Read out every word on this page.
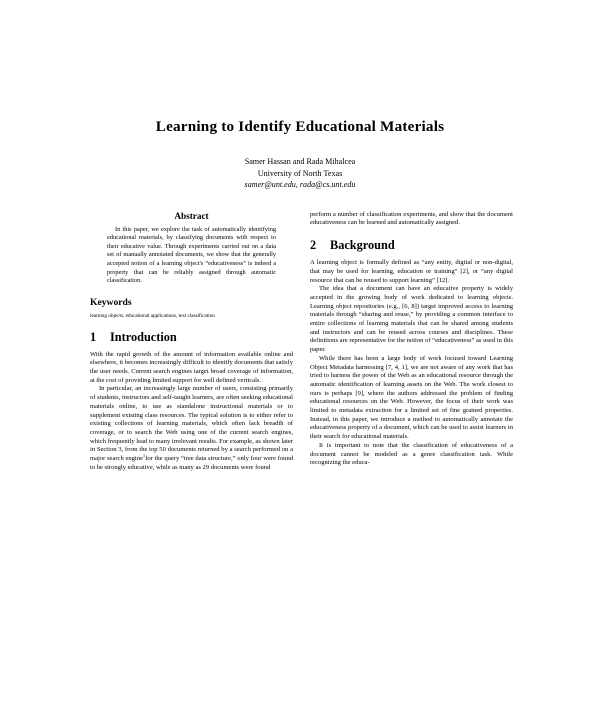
Learning to Identify Educational Materials
Samer Hassan and Rada Mihalcea
University of North Texas
samer@unt.edu, rada@cs.unt.edu
Abstract

In this paper, we explore the task of automatically identifying educational materials, by classifying documents with respect to their educative value. Through experiments carried out on a data set of manually annotated documents, we show that the generally accepted notion of a learning object's “educativeness” is indeed a property that can be reliably assigned through automatic classification.

Keywords

learning objects, educational applications, text classification

1	Introduction

With the rapid growth of the amount of information available online and elsewhere, it becomes increasingly difficult to identify documents that satisfy the user needs. Current search engines target broad coverage of information, at the cost of providing limited support for well defined verticals.

In particular, an increasingly large number of users, consisting primarily of students, instructors and self-taught learners, are often seeking educational materials online, to use as standalone instructional materials or to supplement existing class resources. The typical solution is to either refer to existing collections of learning materials, which often lack breadth of coverage, or to search the Web using one of the current search engines, which frequently lead to many irrelevant results. For example, as shown later in Section 3, from the top 50 documents returned by a search performed on a major search engine$^1$for the query “tree data structure,” only four were found to be strongly educative, while as many as 29 documents were found

perform a number of classification experiments, and show that the document educativeness can be learned and automatically assigned.

2	Background

A learning object is formally defined as “any entity, digital or non-digital, that may be used for learning, education or training” [2], or “any digital resource that can be reused to support learning” [12].

The idea that a document can have an educative property is widely accepted in the growing body of work dedicated to learning objects. Learning object repositories (e.g., [6, 8]) target improved access to learning materials through “sharing and reuse,” by providing a common interface to entire collections of learning materials that can be shared among students and instructors and can be reused across courses and disciplines. These definitions are representative for the notion of “educativeness” as used in this paper.

While there has been a large body of work focused toward Learning Object Metadata harnessing [7, 4, 1], we are not aware of any work that has tried to harness the power of the Web as an educational resource through the automatic identification of learning assets on the Web. The work closest to ours is perhaps [9], where the authors addressed the problem of finding educational resources on the Web. However, the focus of their work was limited to metadata extraction for a limited set of fine grained properties. Instead, in this paper, we introduce a method to automatically annotate the educativeness property of a document, which can be used to assist learners in their search for educational materials.

It is important to note that the classification of educativeness of a document cannot be modeled as a genre classification task. While recognizing the educa-
